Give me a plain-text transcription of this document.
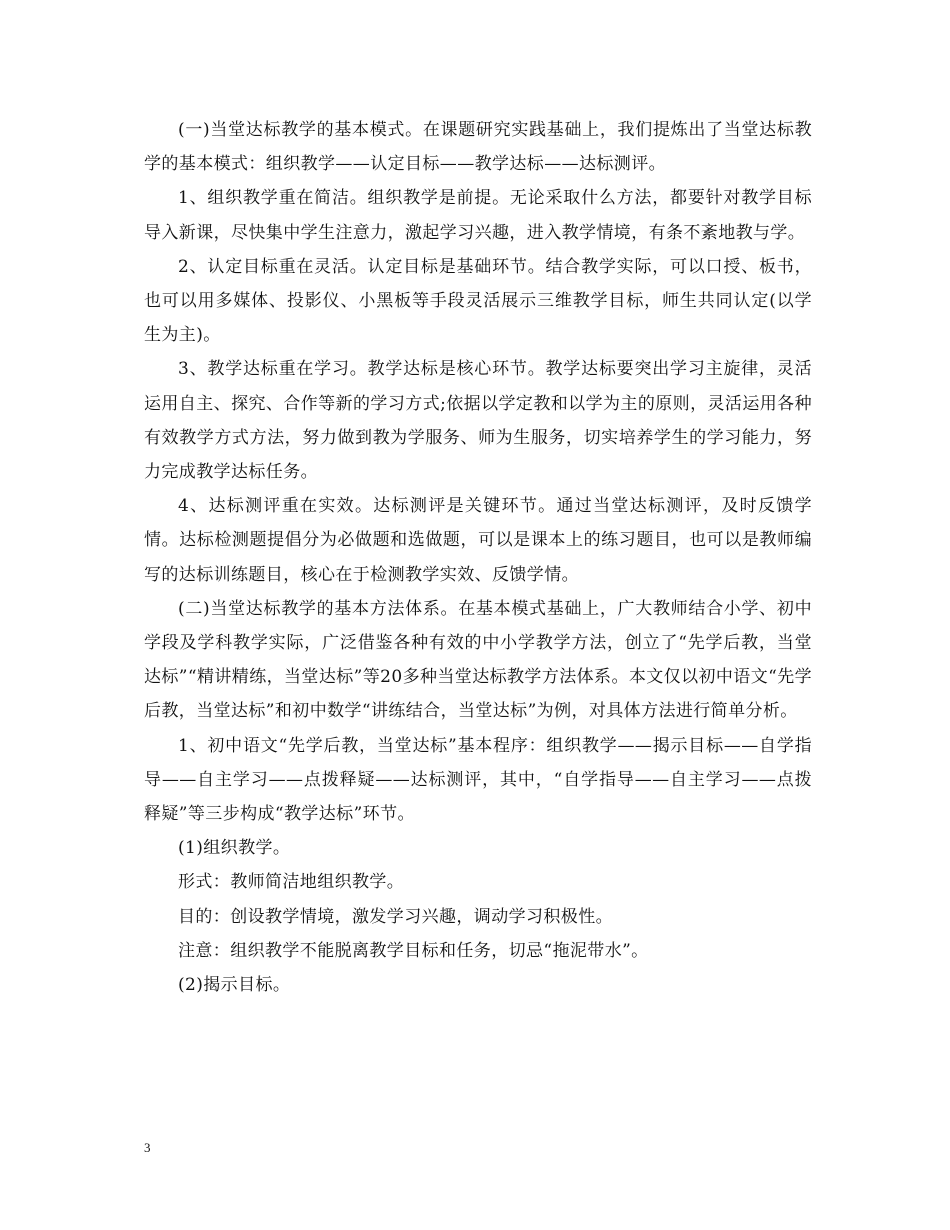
(一)当堂达标教学的基本模式。在课题研究实践基础上，我们提炼出了当堂达标教学的基本模式：组织教学——认定目标——教学达标——达标测评。

1、组织教学重在简洁。组织教学是前提。无论采取什么方法，都要针对教学目标导入新课，尽快集中学生注意力，激起学习兴趣，进入教学情境，有条不紊地教与学。

2、认定目标重在灵活。认定目标是基础环节。结合教学实际，可以口授、板书，也可以用多媒体、投影仪、小黑板等手段灵活展示三维教学目标，师生共同认定(以学生为主)。

3、教学达标重在学习。教学达标是核心环节。教学达标要突出学习主旋律，灵活运用自主、探究、合作等新的学习方式;依据以学定教和以学为主的原则，灵活运用各种有效教学方式方法，努力做到教为学服务、师为生服务，切实培养学生的学习能力，努力完成教学达标任务。

4、达标测评重在实效。达标测评是关键环节。通过当堂达标测评，及时反馈学情。达标检测题提倡分为必做题和选做题，可以是课本上的练习题目，也可以是教师编写的达标训练题目，核心在于检测教学实效、反馈学情。

(二)当堂达标教学的基本方法体系。在基本模式基础上，广大教师结合小学、初中学段及学科教学实际，广泛借鉴各种有效的中小学教学方法，创立了“先学后教，当堂达标”“精讲精练，当堂达标”等20多种当堂达标教学方法体系。本文仅以初中语文“先学后教，当堂达标”和初中数学“讲练结合，当堂达标”为例，对具体方法进行简单分析。

1、初中语文“先学后教，当堂达标”基本程序：组织教学——揭示目标——自学指导——自主学习——点拨释疑——达标测评，其中，“自学指导——自主学习——点拨释疑”等三步构成“教学达标”环节。

(1)组织教学。

形式：教师简洁地组织教学。

目的：创设教学情境，激发学习兴趣，调动学习积极性。

注意：组织教学不能脱离教学目标和任务，切忌“拖泥带水”。

(2)揭示目标。

3
